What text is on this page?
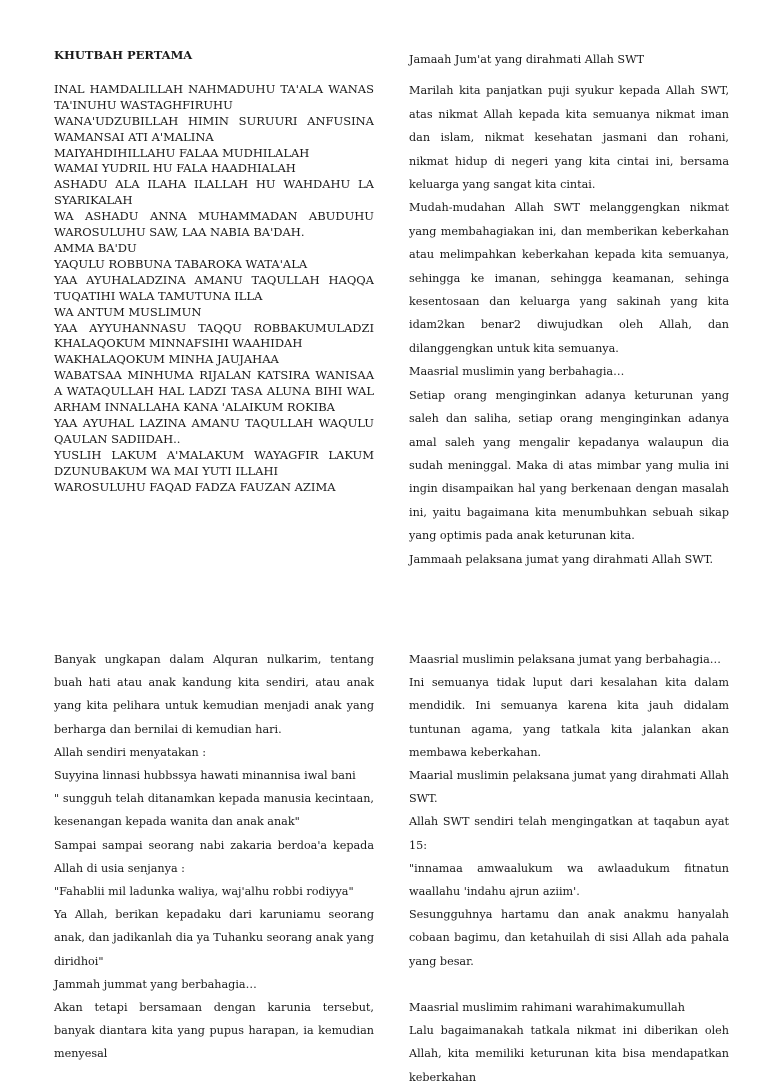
KHUTBAH PERTAMA

INAL HAMDALILLAH NAHMADUHU TA'ALA WANAS TA'INUHU WASTAGHFIRUHU

WANA'UDZUBILLAH HIMIN SURUURI ANFUSINA WAMANSAI ATI A'MALINA

MAIYAHDIHILLAHU FALAA MUDHILALAH

WAMAI YUDRIL HU FALA HAADHIALAH

ASHADU ALA ILAHA ILALLAH HU WAHDAHU LA SYARIKALAH

WA ASHADU ANNA MUHAMMADAN ABUDUHU WAROSULUHU SAW, LAA NABIA BA'DAH.

AMMA BA'DU

YAQULU ROBBUNA TABAROKA WATA'ALA

YAA AYUHALADZINA AMANU TAQULLAH HAQQA TUQATIHI WALA TAMUTUNA ILLA

WA ANTUM MUSLIMUN

YAA AYYUHANNASU TAQQU ROBBAKUMULADZI KHALAQOKUM MINNAFSIHI WAAHIDAH

WAKHALAQOKUM MINHA JAUJAHAA

WABATSAA MINHUMA RIJALAN KATSIRA WANISAA A WATAQULLAH HAL LADZI TASA ALUNA BIHI WAL ARHAM INNALLAHA KANA 'ALAIKUM ROKIBA

YAA AYUHAL LAZINA AMANU TAQULLAH WAQULU QAULAN SADIIDAH..

YUSLIH LAKUM A'MALAKUM WAYAGFIR LAKUM DZUNUBAKUM WA MAI YUTI ILLAHI

WAROSULUHU FAQAD FADZA FAUZAN AZIMA

Jamaah Jum'at yang dirahmati Allah SWT

Marilah kita panjatkan puji syukur kepada Allah SWT, atas nikmat Allah kepada kita semuanya nikmat iman dan islam, nikmat kesehatan jasmani dan rohani, nikmat hidup di negeri yang kita cintai ini, bersama keluarga yang sangat kita cintai.

Mudah-mudahan Allah SWT melanggengkan nikmat yang membahagiakan ini, dan memberikan keberkahan atau melimpahkan keberkahan kepada kita semuanya, sehingga ke imanan, sehingga keamanan, sehinga kesentosaan dan keluarga yang sakinah yang kita idam2kan benar2 diwujudkan oleh Allah, dan dilanggengkan untuk kita semuanya.

Maasrial muslimin yang berbahagia…

Setiap orang menginginkan adanya keturunan yang saleh dan saliha, setiap orang menginginkan adanya amal saleh yang mengalir kepadanya walaupun dia sudah meninggal. Maka di atas mimbar yang mulia ini ingin disampaikan hal yang berkenaan dengan masalah ini, yaitu bagaimana kita menumbuhkan sebuah sikap yang optimis pada anak keturunan kita.

Jammaah pelaksana jumat yang dirahmati Allah SWT.

Banyak ungkapan dalam Alquran nulkarim, tentang buah hati atau anak kandung kita sendiri, atau anak yang kita pelihara untuk kemudian menjadi anak yang berharga dan bernilai di kemudian hari.

Allah sendiri menyatakan :

Suyyina linnasi hubbssya hawati minannisa iwal bani

" sungguh telah ditanamkan kepada manusia kecintaan, kesenangan kepada wanita dan anak anak"

Sampai sampai seorang nabi zakaria berdoa'a kepada Allah di usia senjanya :

"Fahablii mil ladunka waliya, waj'alhu robbi rodiyya"

Ya Allah, berikan kepadaku dari karuniamu seorang anak, dan jadikanlah dia ya Tuhanku seorang anak yang diridhoi"

Jammah jummat yang berbahagia…

Akan tetapi bersamaan dengan karunia tersebut, banyak diantara kita yang pupus harapan, ia kemudian menyesal

Maasrial muslimin pelaksana jumat yang berbahagia…

Ini semuanya tidak luput dari kesalahan kita dalam mendidik. Ini semuanya karena kita jauh didalam tuntunan agama, yang tatkala kita jalankan akan membawa keberkahan.

Maarial muslimin pelaksana jumat yang dirahmati Allah SWT.

Allah SWT sendiri telah mengingatkan at taqabun ayat 15:

"innamaa amwaalukum wa awlaadukum fitnatun waallahu 'indahu ajrun aziim'.

Sesungguhnya hartamu dan anak anakmu hanyalah cobaan bagimu, dan ketahuilah di sisi Allah ada pahala yang besar.

Maasrial muslimim rahimani warahimakumullah

Lalu bagaimanakah tatkala nikmat ini diberikan oleh Allah, kita memiliki keturunan kita bisa mendapatkan keberkahan
